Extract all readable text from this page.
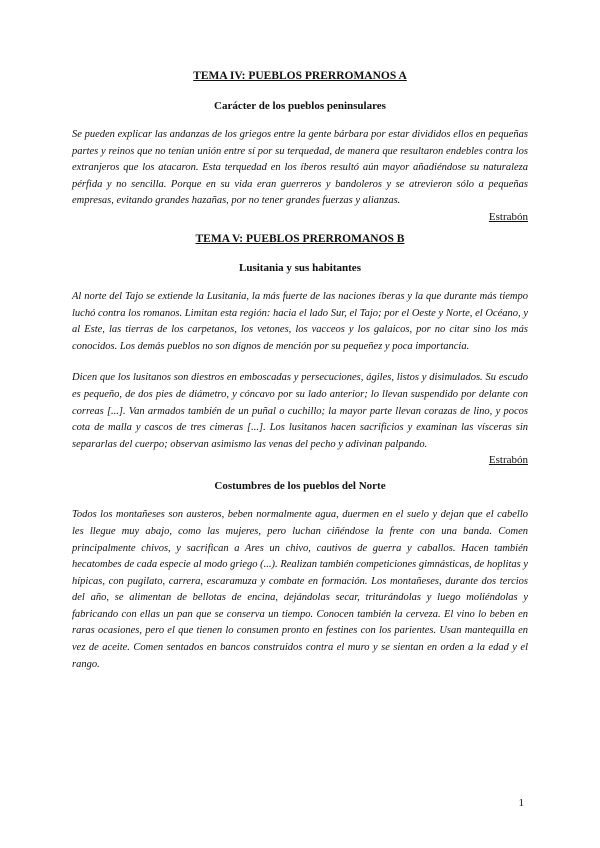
TEMA IV: PUEBLOS PRERROMANOS A

Carácter de los pueblos peninsulares

Se pueden explicar las andanzas de los griegos entre la gente bárbara por estar divididos ellos en pequeñas partes y reinos que no tenían unión entre sí por su terquedad, de manera que resultaron endebles contra los extranjeros que los atacaron. Esta terquedad en los íberos resultó aún mayor añadiéndose su naturaleza pérfida y no sencilla. Porque en su vida eran guerreros y bandoleros y se atrevieron sólo a pequeñas empresas, evitando grandes hazañas, por no tener grandes fuerzas y alianzas.

Estrabón

TEMA V: PUEBLOS PRERROMANOS B

Lusitania y sus habitantes

Al norte del Tajo se extiende la Lusitania, la más fuerte de las naciones íberas y la que durante más tiempo luchó contra los romanos. Limitan esta región: hacia el lado Sur, el Tajo; por el Oeste y Norte, el Océano, y al Este, las tierras de los carpetanos, los vetones, los vacceos y los galaicos, por no citar sino los más conocidos. Los demás pueblos no son dignos de mención por su pequeñez y poca importancia.

Dicen que los lusitanos son diestros en emboscadas y persecuciones, ágiles, listos y disimulados. Su escudo es pequeño, de dos pies de diámetro, y cóncavo por su lado anterior; lo llevan suspendido por delante con correas [...]. Van armados también de un puñal o cuchillo; la mayor parte llevan corazas de lino, y pocos cota de malla y cascos de tres cimeras [...]. Los lusitanos hacen sacrificios y examinan las vísceras sin separarlas del cuerpo; observan asimismo las venas del pecho y adivinan palpando.

Estrabón

Costumbres de los pueblos del Norte

Todos los montañeses son austeros, beben normalmente agua, duermen en el suelo y dejan que el cabello les llegue muy abajo, como las mujeres, pero luchan ciñéndose la frente con una banda. Comen principalmente chivos, y sacrifican a Ares un chivo, cautivos de guerra y caballos. Hacen también hecatombes de cada especie al modo griego (...). Realizan también competiciones gimnásticas, de hoplitas y hípicas, con pugilato, carrera, escaramuza y combate en formación. Los montañeses, durante dos tercios del año, se alimentan de bellotas de encina, dejándolas secar, triturándolas y luego moliéndolas y fabricando con ellas un pan que se conserva un tiempo. Conocen también la cerveza. El vino lo beben en raras ocasiones, pero el que tienen lo consumen pronto en festines con los parientes. Usan mantequilla en vez de aceite. Comen sentados en bancos construidos contra el muro y se sientan en orden a la edad y el rango.

1
